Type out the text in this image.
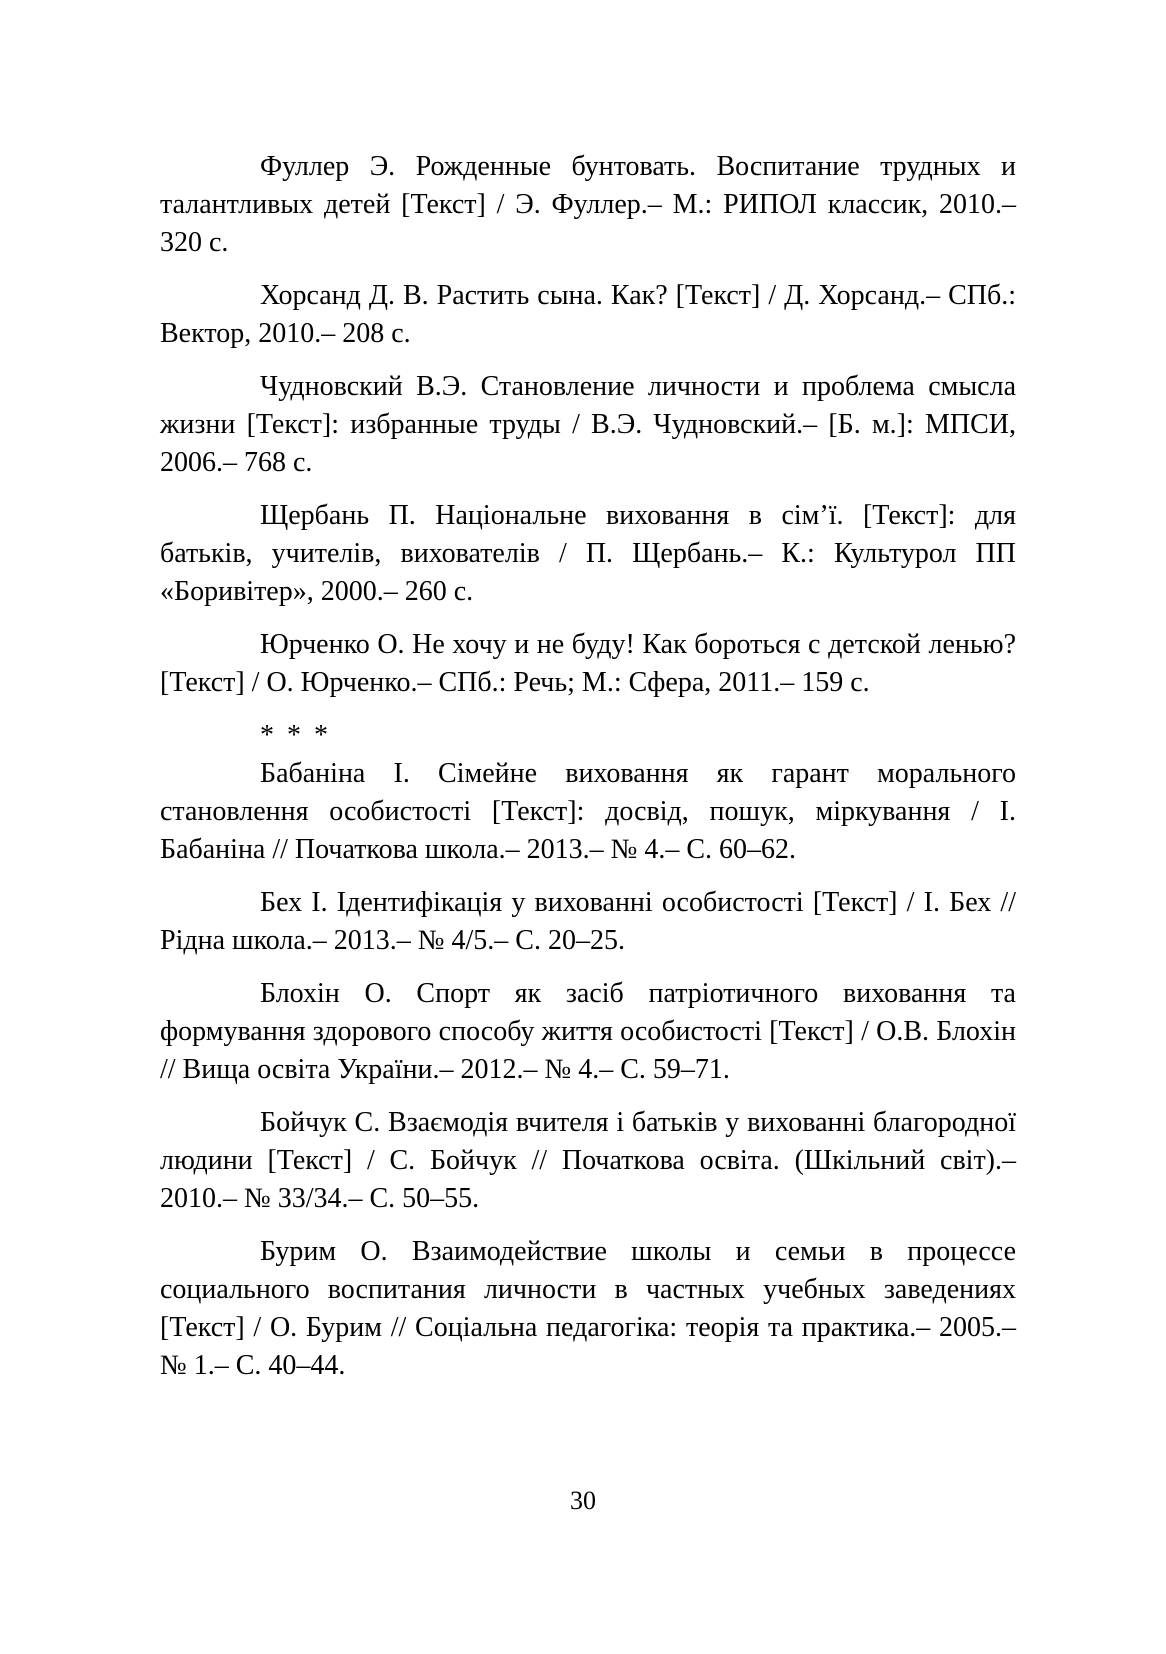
Фуллер Э. Рожденные бунтовать. Воспитание трудных и талантливых детей [Текст] / Э. Фуллер.– М.: РИПОЛ классик, 2010.– 320 с.

Хорсанд Д. В. Растить сына. Как? [Текст] / Д. Хорсанд.– СПб.: Вектор, 2010.– 208 с.

Чудновский В.Э. Становление личности и проблема смысла жизни [Текст]: избранные труды / В.Э. Чудновский.– [Б. м.]: МПСИ, 2006.– 768 с.

Щербань П. Національне виховання в сім’ї. [Текст]: для батьків, учителів, вихователів / П. Щербань.– К.: Культурол ПП «Боривітер», 2000.– 260 с.

Юрченко О. Не хочу и не буду! Как бороться с детской ленью? [Текст] / О. Юрченко.– СПб.: Речь; М.: Сфера, 2011.– 159 с.

* * *

Бабаніна І. Сімейне виховання як гарант морального становлення особистості [Текст]: досвід, пошук, міркування / І. Бабаніна // Початкова школа.– 2013.– № 4.– С. 60–62.

Бех І. Ідентифікація у вихованні особистості [Текст] / І. Бех // Рідна школа.– 2013.– № 4/5.– С. 20–25.

Блохін О. Спорт як засіб патріотичного виховання та формування здорового способу життя особистості [Текст] / О.В. Блохін // Вища освіта України.– 2012.– № 4.– С. 59–71.

Бойчук С. Взаємодія вчителя і батьків у вихованні благородної людини [Текст] / С. Бойчук // Початкова освіта. (Шкільний світ).– 2010.– № 33/34.– С. 50–55.

Бурим О. Взаимодействие школы и семьи в процессе социального воспитания личности в частных учебных заведениях [Текст] / О. Бурим // Соціальна педагогіка: теорія та практика.– 2005.– № 1.– С. 40–44.

30
